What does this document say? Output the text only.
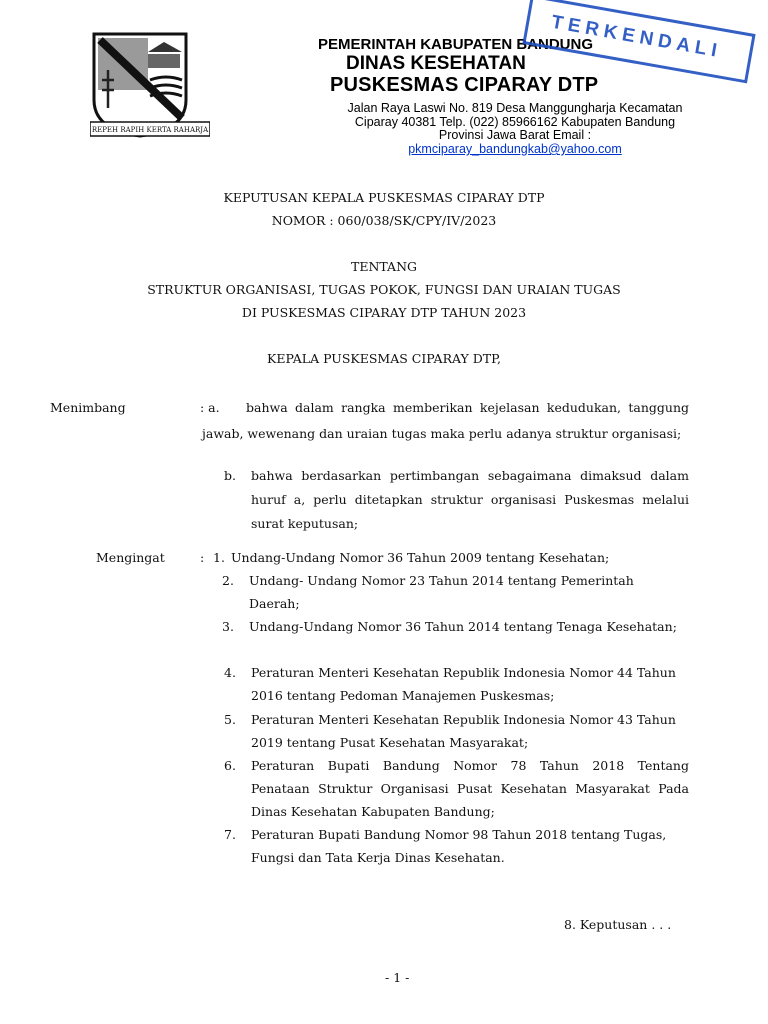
REPEH RAPIH KERTA RAHARJA
PEMERINTAH KABUPATEN BANDUNG
DINAS KESEHATAN
PUSKESMAS CIPARAY DTP
Jalan Raya Laswi No. 819 Desa Manggungharja Kecamatan
Ciparay 40381 Telp. (022) 85966162 Kabupaten Bandung
Provinsi Jawa Barat Email :
pkmciparay_bandungkab@yahoo.com
TERKENDALI
KEPUTUSAN KEPALA PUSKESMAS CIPARAY DTP
NOMOR : 060/038/SK/CPY/IV/2023
TENTANG
STRUKTUR ORGANISASI, TUGAS POKOK, FUNGSI DAN URAIAN TUGAS
DI PUSKESMAS CIPARAY DTP TAHUN 2023
KEPALA PUSKESMAS CIPARAY DTP,
Menimbang	: a. bahwa dalam rangka memberikan kejelasan kedudukan, tanggung
jawab, wewenang dan uraian tugas maka perlu adanya struktur organisasi;
b. bahwa berdasarkan pertimbangan sebagaimana dimaksud dalam
huruf a, perlu ditetapkan struktur organisasi Puskesmas melalui
surat keputusan;
Mengingat	: 1. Undang-Undang Nomor 36 Tahun 2009 tentang Kesehatan;
2. Undang- Undang Nomor 23 Tahun 2014 tentang Pemerintah
Daerah;
3. Undang-Undang Nomor 36 Tahun 2014 tentang Tenaga Kesehatan;
4. Peraturan Menteri Kesehatan Republik Indonesia Nomor 44 Tahun
2016 tentang Pedoman Manajemen Puskesmas;
5. Peraturan Menteri Kesehatan Republik Indonesia Nomor 43 Tahun
2019 tentang Pusat Kesehatan Masyarakat;
6. Peraturan Bupati Bandung Nomor 78 Tahun 2018 Tentang
Penataan Struktur Organisasi Pusat Kesehatan Masyarakat Pada
Dinas Kesehatan Kabupaten Bandung;
7. Peraturan Bupati Bandung Nomor 98 Tahun 2018 tentang Tugas,
Fungsi dan Tata Kerja Dinas Kesehatan.
8. Keputusan . . .
- 1 -
